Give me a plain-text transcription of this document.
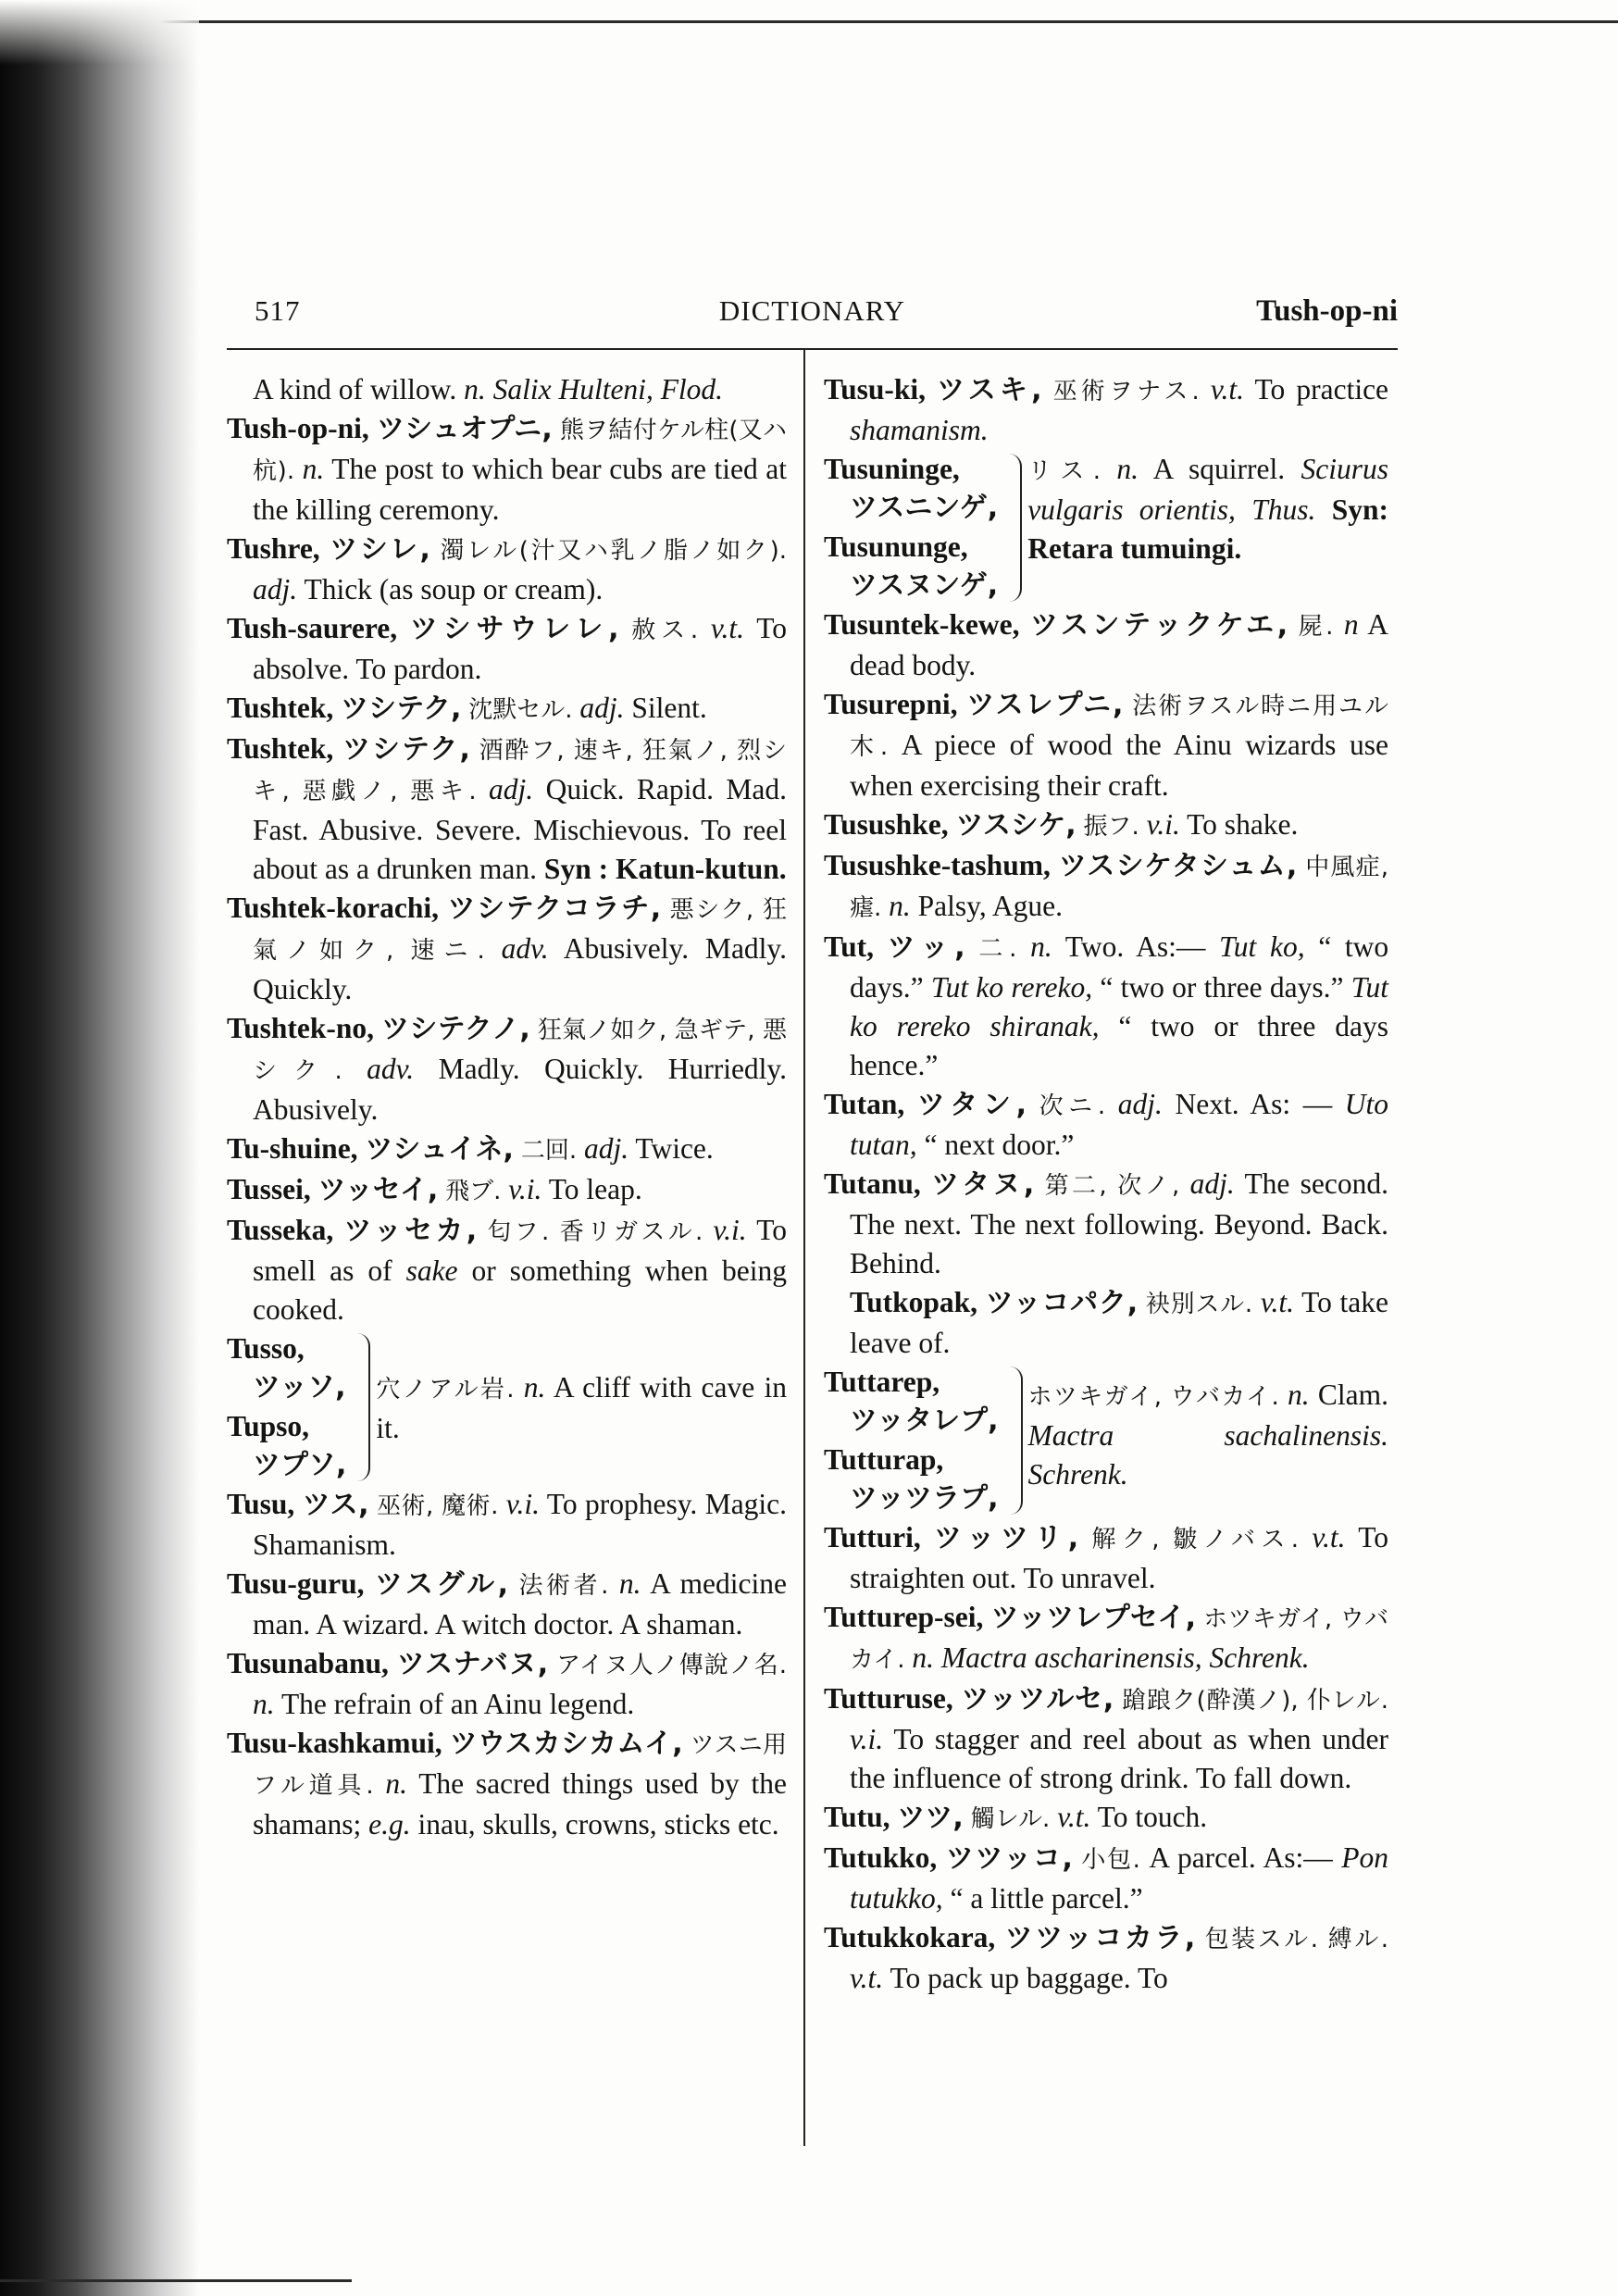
517	DICTIONARY	Tush-op-ni

A kind of willow. n. Salix Hulteni, Flod.

Tush-op-ni, ツシュオプニ, 熊ヲ結付ケル柱(又ハ杭). n. The post to which bear cubs are tied at the killing ceremony.

Tushre, ツシレ, 濁レル(汁又ハ乳ノ脂ノ如ク). adj. Thick (as soup or cream).

Tush-saurere, ツシサウレレ, 赦ス. v.t. To absolve. To pardon.

Tushtek, ツシテク, 沈默セル. adj. Silent.

Tushtek, ツシテク, 酒酔フ, 速キ, 狂氣ノ, 烈シキ, 惡戯ノ, 悪キ. adj. Quick. Rapid. Mad. Fast. Abusive. Severe. Mischievous. To reel about as a drunken man. Syn : Katun-kutun.

Tushtek-korachi, ツシテクコラチ, 悪シク, 狂氣ノ如ク, 速ニ. adv. Abusively. Madly. Quickly.

Tushtek-no, ツシテクノ, 狂氣ノ如ク, 急ギテ, 悪シク. adv. Madly. Quickly. Hurriedly. Abusively.

Tu-shuine, ツシュイネ, 二回. adj. Twice.

Tussei, ツッセイ, 飛ブ. v.i. To leap.

Tusseka, ツッセカ, 匂フ. 香リガスル. v.i. To smell as of sake or something when being cooked.

Tusso,
ツッソ,
Tupso,
ツプソ,
穴ノアル岩. n. A cliff with cave in it.

Tusu, ツス, 巫術, 魔術. v.i. To prophesy. Magic. Shamanism.

Tusu-guru, ツスグル, 法術者. n. A medicine man. A wizard. A witch doctor. A shaman.

Tusunabanu, ツスナバヌ, アイヌ人ノ傳說ノ名. n. The refrain of an Ainu legend.

Tusu-kashkamui, ツウスカシカムイ, ツスニ用フル道具. n. The sacred things used by the shamans; e.g. inau, skulls, crowns, sticks etc.

Tusu-ki, ツスキ, 巫術ヲナス. v.t. To practice shamanism.

Tusuninge,
ツスニンゲ,
Tusununge,
ツスヌンゲ,
リス. n. A squirrel. Sciurus vulgaris orientis, Thus. Syn: Retara tumuingi.

Tusuntek-kewe, ツスンテックケエ, 屍. n A dead body.

Tusurepni, ツスレプニ, 法術ヲスル時ニ用ユル木. A piece of wood the Ainu wizards use when exercising their craft.

Tusushke, ツスシケ, 振フ. v.i. To shake.

Tusushke-tashum, ツスシケタシュム, 中風症, 瘧. n. Palsy, Ague.

Tut, ツッ, 二. n. Two. As:— Tut ko, “ two days.” Tut ko rereko, “ two or three days.” Tut ko rereko shiranak, “ two or three days hence.”

Tutan, ツタン, 次ニ. adj. Next. As: — Uto tutan, “ next door.”

Tutanu, ツタヌ, 第二, 次ノ, adj. The second. The next. The next following. Beyond. Back. Behind.

Tutkopak, ツッコパク, 袂別スル. v.t. To take leave of.

Tuttarep,
ツッタレプ,
Tutturap,
ツッツラプ,
ホツキガイ, ウバカイ. n. Clam. Mactra sachalinensis. Schrenk.

Tutturi, ツッツリ, 解ク, 皺ノバス. v.t. To straighten out. To unravel.

Tutturep-sei, ツッツレプセイ, ホツキガイ, ウバカイ. n. Mactra ascharinensis, Schrenk.

Tutturuse, ツッツルセ, 蹌踉ク(酔漢ノ), 仆レル. v.i. To stagger and reel about as when under the influence of strong drink. To fall down.

Tutu, ツツ, 觸レル. v.t. To touch.

Tutukko, ツツッコ, 小包. A parcel. As:— Pon tutukko, “ a little parcel.”

Tutukkokara, ツツッコカラ, 包装スル. 縛ル. v.t. To pack up baggage. To
